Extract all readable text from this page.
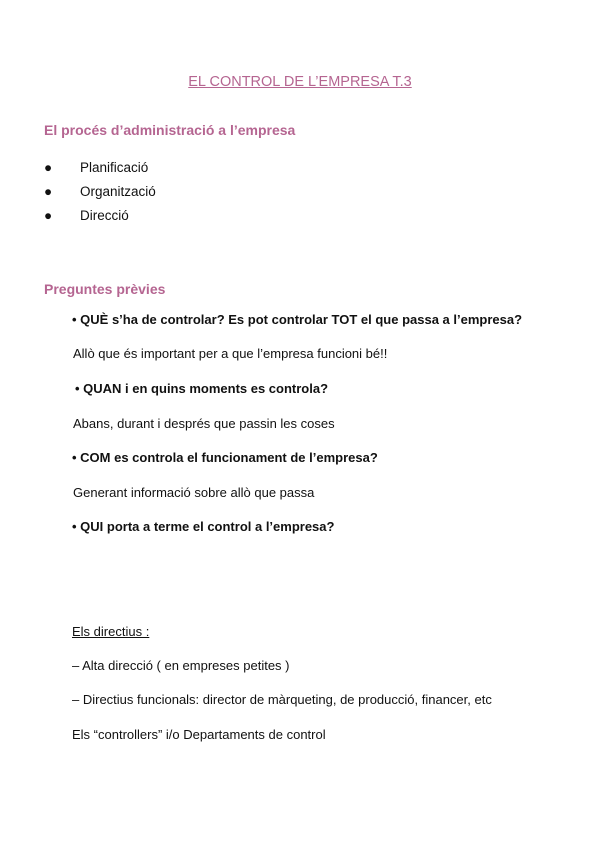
EL CONTROL DE L’EMPRESA T.3
El procés d’administració a l’empresa
● Planificació
● Organització
● Direcció
Preguntes prèvies
• QUÈ s’ha de controlar? Es pot controlar TOT el que passa a l’empresa?
Allò que és important per a que l’empresa funcioni bé!!
• QUAN i en quins moments es controla?
Abans, durant i després que passin les coses
• COM es controla el funcionament de l’empresa?
Generant informació sobre allò que passa
• QUI porta a terme el control a l’empresa?
Els directius :
– Alta direcció ( en empreses petites )
– Directius funcionals: director de màrqueting, de producció, financer, etc
Els “controllers” i/o Departaments de control
